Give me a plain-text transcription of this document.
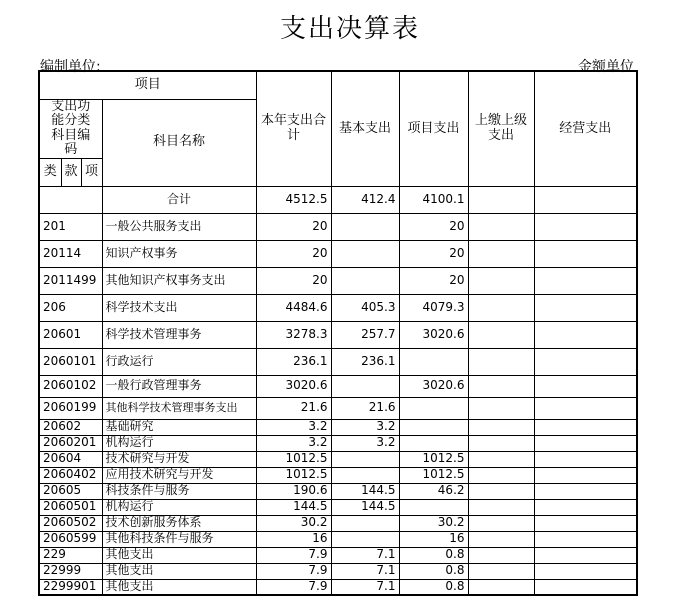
支出决算表
编制单位:	金额单位
项目				本年支出合计	基本支出	项目支出	上缴上级支出	经营支出
支出功能分类科目编码			科目名称					
类	款	项						
			合计	4512.5	412.4	4100.1		
201			一般公共服务支出	20		20		
20114			知识产权事务	20		20		
2011499			其他知识产权事务支出	20		20		
206			科学技术支出	4484.6	405.3	4079.3		
20601			科学技术管理事务	3278.3	257.7	3020.6		
2060101			行政运行	236.1	236.1			
2060102			一般行政管理事务	3020.6		3020.6		
2060199			其他科学技术管理事务支出	21.6	21.6			
20602			基础研究	3.2	3.2			
2060201			机构运行	3.2	3.2			
20604			技术研究与开发	1012.5		1012.5		
2060402			应用技术研究与开发	1012.5		1012.5		
20605			科技条件与服务	190.6	144.5	46.2		
2060501			机构运行	144.5	144.5			
2060502			技术创新服务体系	30.2		30.2		
2060599			其他科技条件与服务	16		16		
229			其他支出	7.9	7.1	0.8		
22999			其他支出	7.9	7.1	0.8		
2299901			其他支出	7.9	7.1	0.8		
